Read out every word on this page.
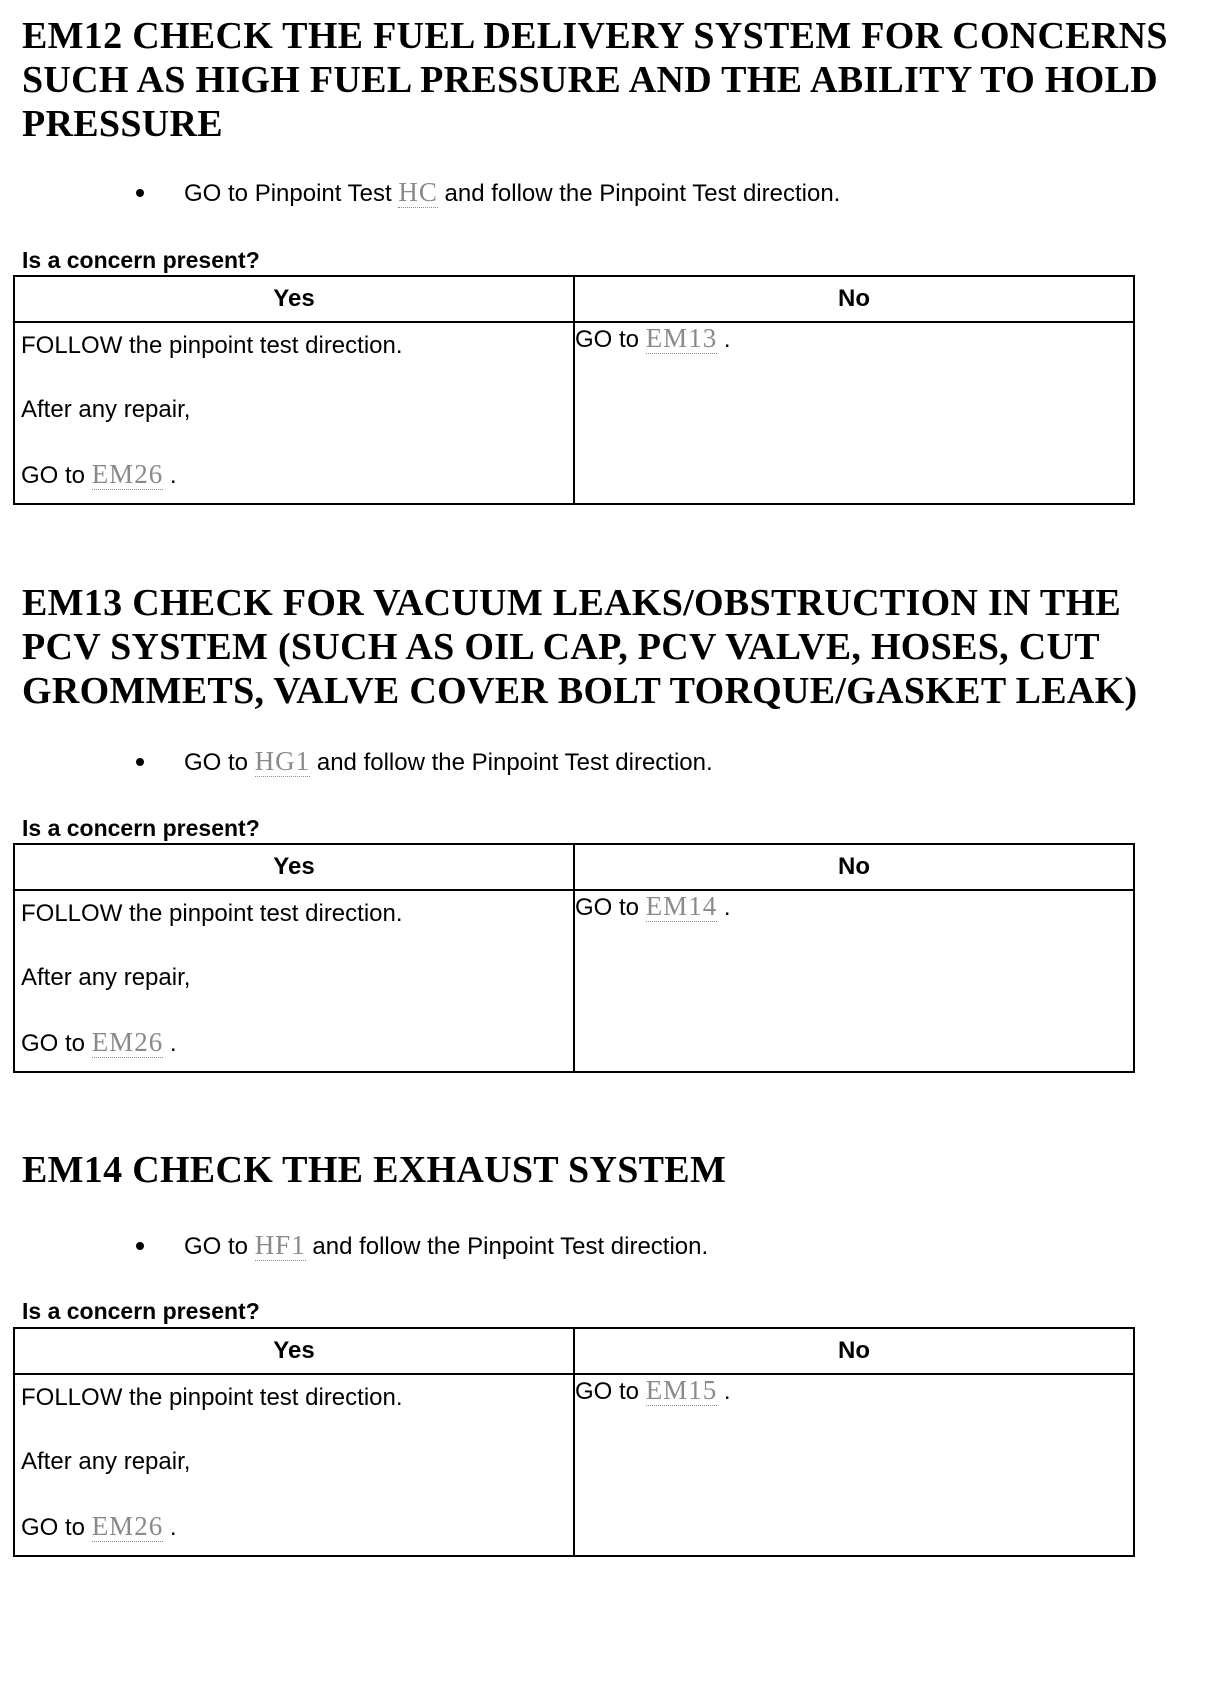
EM12 CHECK THE FUEL DELIVERY SYSTEM FOR CONCERNS SUCH AS HIGH FUEL PRESSURE AND THE ABILITY TO HOLD PRESSURE
GO to Pinpoint Test HC and follow the Pinpoint Test direction.
Is a concern present?
Yes	No

FOLLOW the pinpoint test direction.

After any repair,

GO to EM26 .	GO to EM13 .
EM13 CHECK FOR VACUUM LEAKS/OBSTRUCTION IN THE PCV SYSTEM (SUCH AS OIL CAP, PCV VALVE, HOSES, CUT GROMMETS, VALVE COVER BOLT TORQUE/GASKET LEAK)
GO to HG1 and follow the Pinpoint Test direction.
Is a concern present?
Yes	No

FOLLOW the pinpoint test direction.

After any repair,

GO to EM26 .	GO to EM14 .
EM14 CHECK THE EXHAUST SYSTEM
GO to HF1 and follow the Pinpoint Test direction.
Is a concern present?
Yes	No

FOLLOW the pinpoint test direction.

After any repair,

GO to EM26 .	GO to EM15 .
